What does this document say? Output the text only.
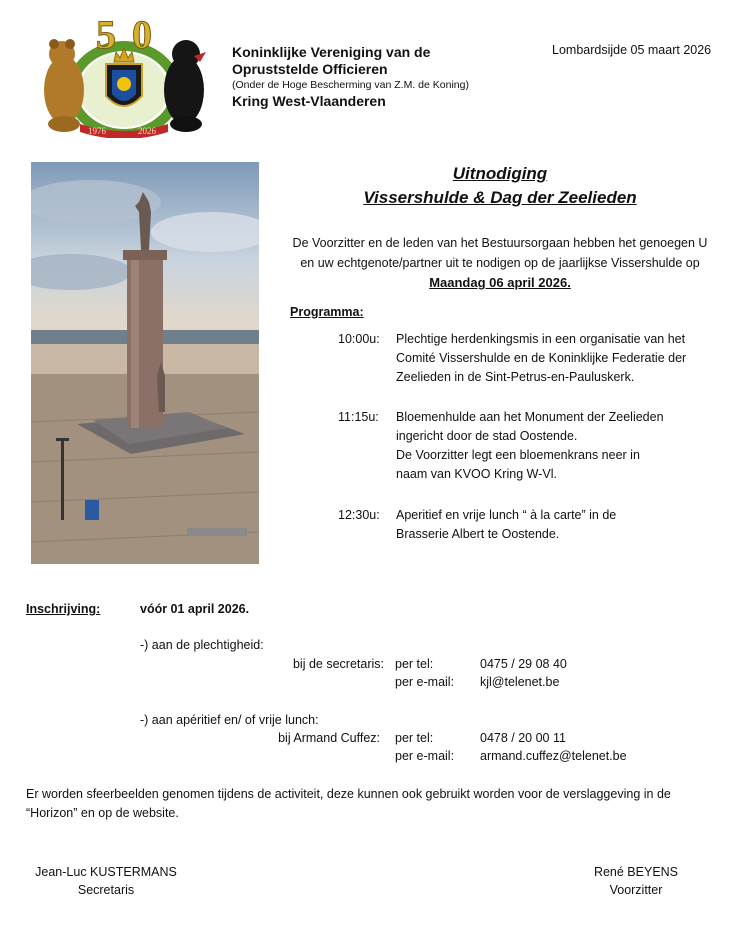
5 0
1976	2026
Koninklijke Vereniging van de
Opruststelde Officieren
(Onder de Hoge Bescherming van Z.M. de Koning)
Kring West-Vlaanderen
Lombardsijde 05 maart 2026
Uitnodiging
Vissershulde & Dag der Zeelieden
De Voorzitter en de leden van het Bestuursorgaan hebben het genoegen U
en uw echtgenote/partner uit te nodigen op de jaarlijkse Vissershulde op
Maandag 06 april 2026.
Programma:
10:00u: Plechtige herdenkingsmis in een organisatie van het
Comité Vissershulde en de Koninklijke Federatie der
Zeelieden in de Sint-Petrus-en-Pauluskerk.
11:15u: Bloemenhulde aan het Monument der Zeelieden
ingericht door de stad Oostende.
De Voorzitter legt een bloemenkrans neer in
naam van KVOO Kring W-Vl.
12:30u: Aperitief en vrije lunch “ à la carte” in de
Brasserie Albert te Oostende.
Inschrijving:	vóór 01 april 2026.
-) aan de plechtigheid:
bij de secretaris: per tel:	0475 / 29 08 40
per e-mail: kjl@telenet.be
-) aan apéritief en/ of vrije lunch:
bij Armand Cuffez: per tel:	0478 / 20 00 11
per e-mail: armand.cuffez@telenet.be
Er worden sfeerbeelden genomen tijdens de activiteit, deze kunnen ook gebruikt worden voor de verslaggeving in de
“Horizon” en op de website.
Jean-Luc KUSTERMANS
Secretaris
René BEYENS
Voorzitter
